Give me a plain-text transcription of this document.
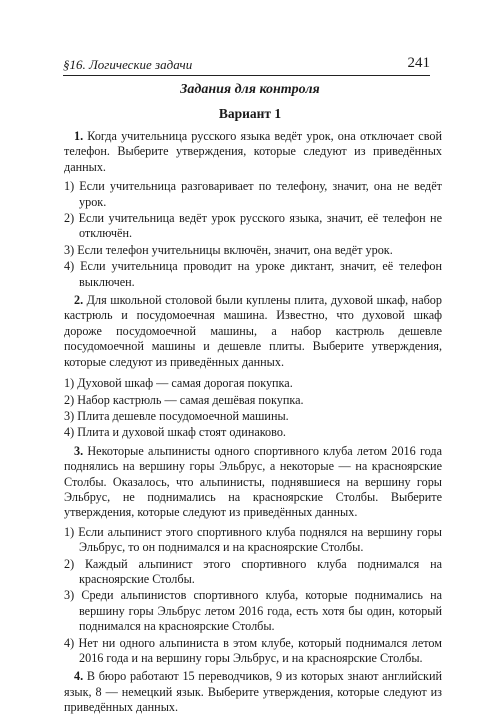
§16. Логические задачи	241
Задания для контроля
Вариант 1

1. Когда учительница русского языка ведёт урок, она отключает свой телефон. Выберите утверждения, которые следуют из приведённых данных.

1) Если учительница разговаривает по телефону, значит, она не ведёт урок.
2) Если учительница ведёт урок русского языка, значит, её телефон не отключён.
3) Если телефон учительницы включён, значит, она ведёт урок.
4) Если учительница проводит на уроке диктант, значит, её телефон выключен.

2. Для школьной столовой были куплены плита, духовой шкаф, набор кастрюль и посудомоечная машина. Известно, что духовой шкаф дороже посудомоечной машины, а набор кастрюль дешевле посудомоечной машины и дешевле плиты. Выберите утверждения, которые следуют из приведённых данных.

1) Духовой шкаф — самая дорогая покупка.
2) Набор кастрюль — самая дешёвая покупка.
3) Плита дешевле посудомоечной машины.
4) Плита и духовой шкаф стоят одинаково.

3. Некоторые альпинисты одного спортивного клуба летом 2016 года поднялись на вершину горы Эльбрус, а некоторые — на красноярские Столбы. Оказалось, что альпинисты, поднявшиеся на вершину горы Эльбрус, не поднимались на красноярские Столбы. Выберите утверждения, которые следуют из приведённых данных.

1) Если альпинист этого спортивного клуба поднялся на вершину горы Эльбрус, то он поднимался и на красноярские Столбы.
2) Каждый альпинист этого спортивного клуба поднимался на красноярские Столбы.
3) Среди альпинистов спортивного клуба, которые поднимались на вершину горы Эльбрус летом 2016 года, есть хотя бы один, который поднимался на красноярские Столбы.
4) Нет ни одного альпиниста в этом клубе, который поднимался летом 2016 года и на вершину горы Эльбрус, и на красноярские Столбы.

4. В бюро работают 15 переводчиков, 9 из которых знают английский язык, 8 — немецкий язык. Выберите утверждения, которые следуют из приведённых данных.
